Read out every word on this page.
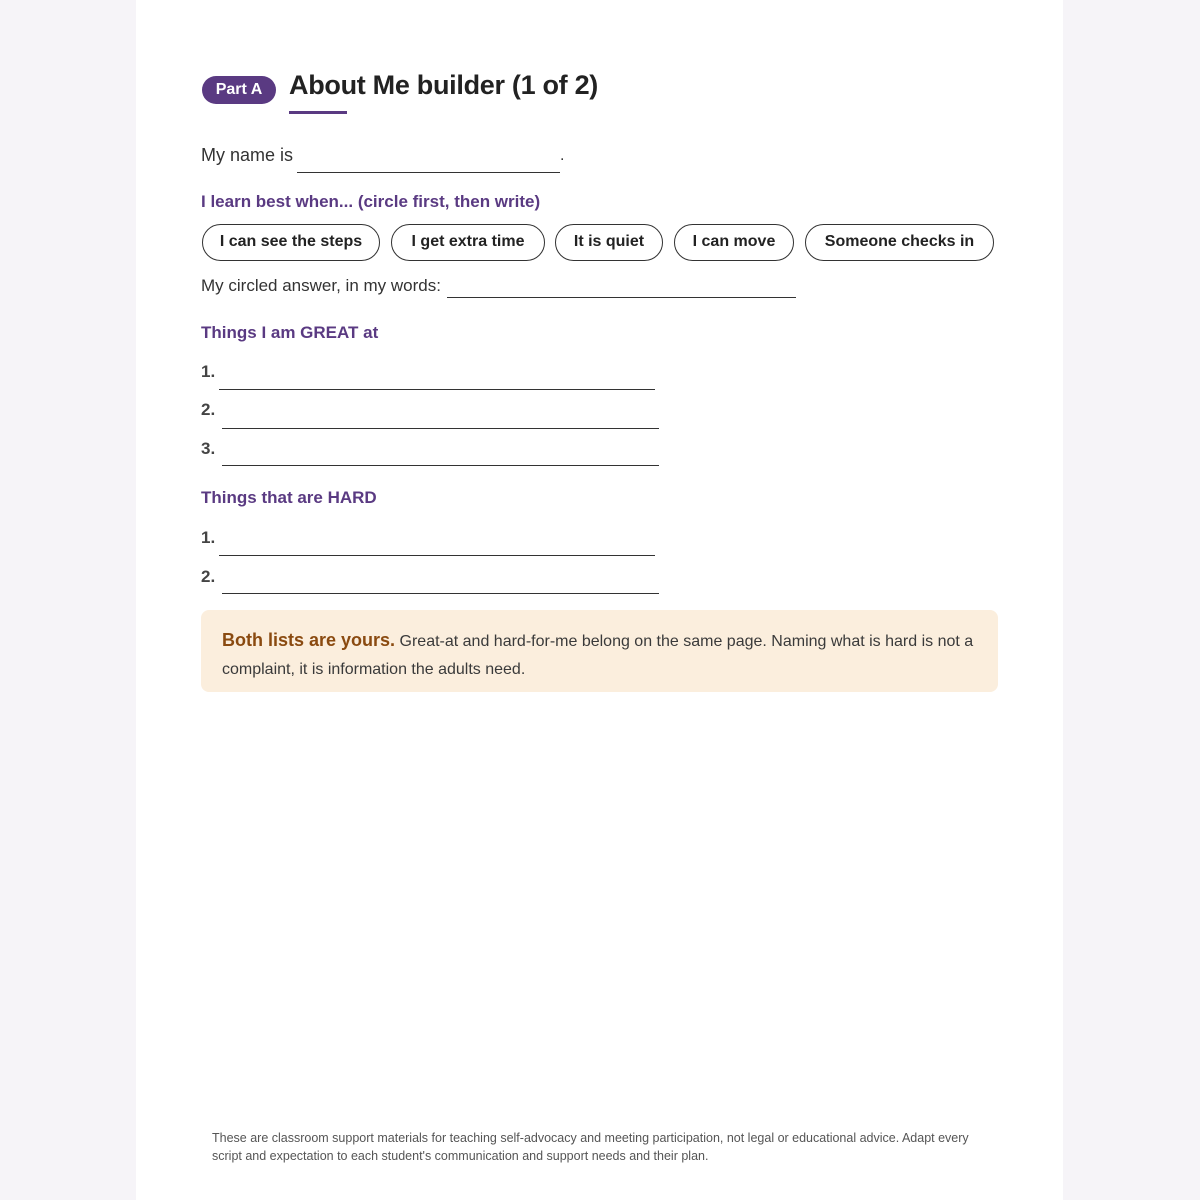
Part A About Me builder (1 of 2)
My name is	.
I learn best when... (circle first, then write)
I can see the steps	I get extra time	It is quiet	I can move	Someone checks in
My circled answer, in my words:
Things I am GREAT at
1.
2.
3.
Things that are HARD
1.
2.
Both lists are yours. Great-at and hard-for-me belong on the same page. Naming what is hard is not a complaint, it is information the adults need.
These are classroom support materials for teaching self-advocacy and meeting participation, not legal or educational advice. Adapt every script and expectation to each student's communication and support needs and their plan.
